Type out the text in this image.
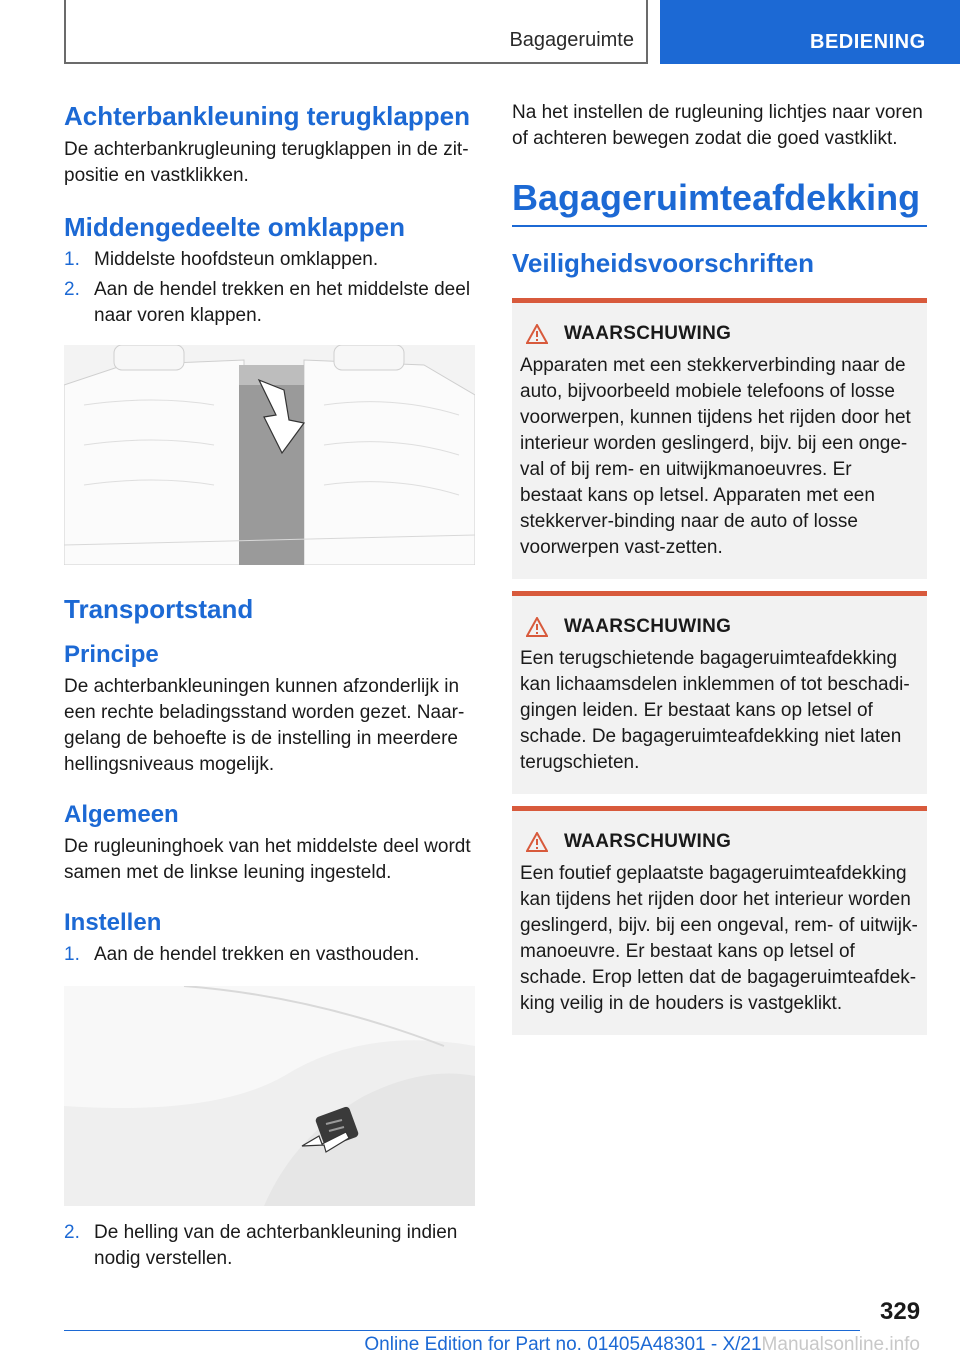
Bagageruimte	BEDIENING
Achterbankleuning terugklappen

De achterbankrugleuning terugklappen in de zit-positie en vastklikken.

Middengedeelte omklappen
1. Middelste hoofdsteun omklappen.
2. Aan de hendel trekken en het middelste deel naar voren klappen.
Transportstand
Principe

De achterbankleuningen kunnen afzonderlijk in een rechte beladingsstand worden gezet. Naar-gelang de behoefte is de instelling in meerdere hellingsniveaus mogelijk.

Algemeen

De rugleuninghoek van het middelste deel wordt samen met de linkse leuning ingesteld.

Instellen
1. Aan de hendel trekken en vasthouden.
2. De helling van de achterbankleuning indien nodig verstellen.

Na het instellen de rugleuning lichtjes naar voren of achteren bewegen zodat die goed vastklikt.

Bagageruimteafdekking
Veiligheidsvoorschriften
WAARSCHUWING

Apparaten met een stekkerverbinding naar de auto, bijvoorbeeld mobiele telefoons of losse voorwerpen, kunnen tijdens het rijden door het interieur worden geslingerd, bijv. bij een onge-val of bij rem- en uitwijkmanoeuvres. Er bestaat kans op letsel. Apparaten met een stekkerver-binding naar de auto of losse voorwerpen vast-zetten.

WAARSCHUWING

Een terugschietende bagageruimteafdekking kan lichaamsdelen inklemmen of tot beschadi-gingen leiden. Er bestaat kans op letsel of schade. De bagageruimteafdekking niet laten terugschieten.

WAARSCHUWING

Een foutief geplaatste bagageruimteafdekking kan tijdens het rijden door het interieur worden geslingerd, bijv. bij een ongeval, rem- of uitwijk-manoeuvre. Er bestaat kans op letsel of schade. Erop letten dat de bagageruimteafdek-king veilig in de houders is vastgeklikt.

329
Online Edition for Part no. 01405A48301 - X/21Manualsonline.info
